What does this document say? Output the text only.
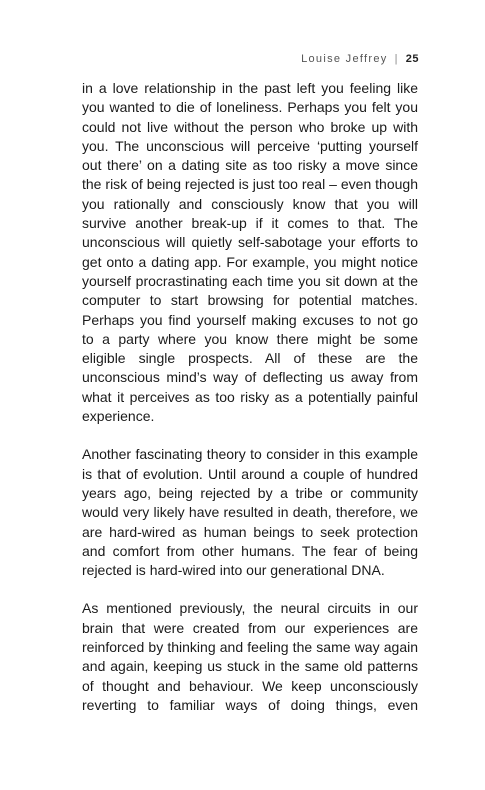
Louise Jeffrey | 25

in a love relationship in the past left you feeling like you wanted to die of loneliness. Perhaps you felt you could not live without the person who broke up with you. The unconscious will perceive ‘putting yourself out there’ on a dating site as too risky a move since the risk of being rejected is just too real – even though you rationally and consciously know that you will survive another break-up if it comes to that. The unconscious will quietly self-sabotage your efforts to get onto a dating app. For example, you might notice yourself procrastinating each time you sit down at the computer to start browsing for potential matches. Perhaps you find yourself making excuses to not go to a party where you know there might be some eligible single prospects. All of these are the unconscious mind’s way of deflecting us away from what it perceives as too risky as a potentially painful experience.

Another fascinating theory to consider in this example is that of evolution. Until around a couple of hundred years ago, being rejected by a tribe or community would very likely have resulted in death, therefore, we are hard-wired as human beings to seek protection and comfort from other humans. The fear of being rejected is hard-wired into our generational DNA.

As mentioned previously, the neural circuits in our brain that were created from our experiences are reinforced by thinking and feeling the same way again and again, keeping us stuck in the same old patterns of thought and behaviour. We keep unconsciously reverting to familiar ways of doing things, even
